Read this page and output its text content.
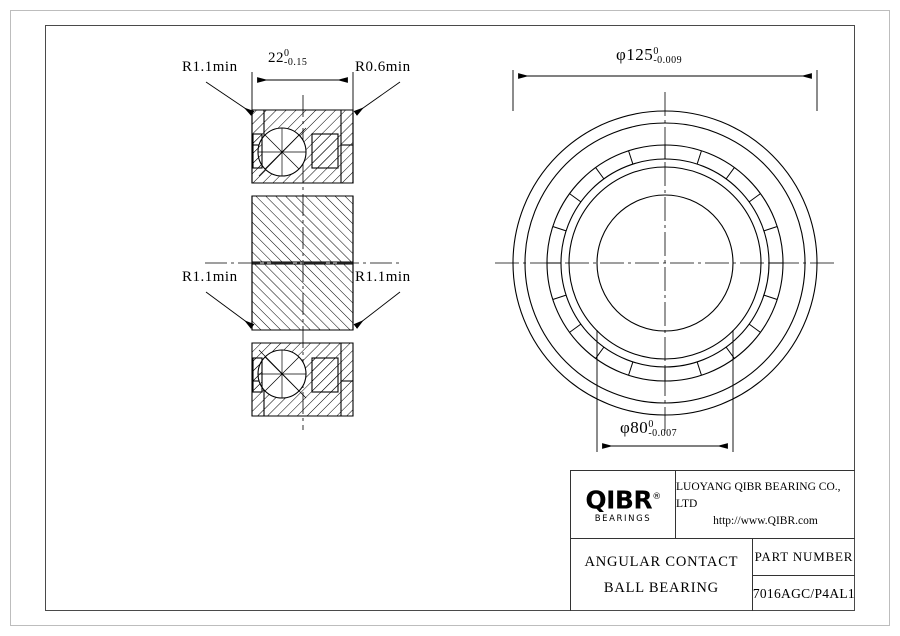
22 0
-0.15
R1.1min	R0.6min
R1.1min	R1.1min
φ125 0
-0.009
φ80 0
-0.007
QIBR®
BEARINGS
LUOYANG QIBR BEARING CO., LTD
http://www.QIBR.com
ANGULAR CONTACT
BALL BEARING
PART NUMBER
7016AGC/P4AL1
